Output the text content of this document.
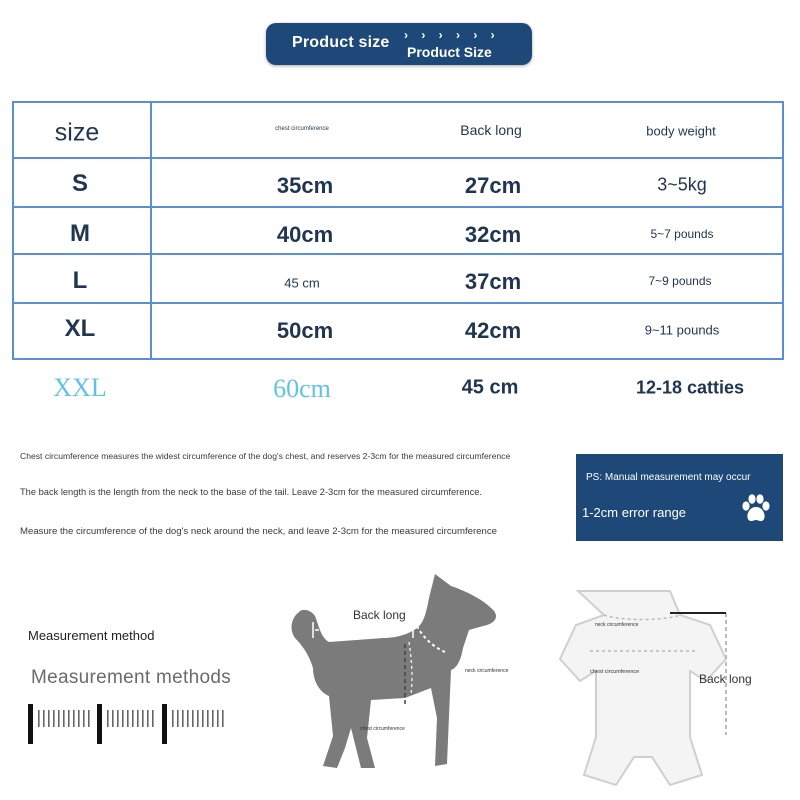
Product size › › › › › ›
Product Size
size	chest circumference	Back long	body weight
S	35cm	27cm	3~5kg
M	40cm	32cm	5~7 pounds
L	45 cm	37cm	7~9 pounds
XL	50cm	42cm	9~11 pounds
XXL	60cm	45 cm	12-18 catties
Chest circumference measures the widest circumference of the dog's chest, and reserves 2-3cm for the measured circumference
The back length is the length from the neck to the base of the tail. Leave 2-3cm for the measured circumference.
Measure the circumference of the dog's neck around the neck, and leave 2-3cm for the measured circumference
PS: Manual measurement may occur
1-2cm error range
Measurement method
Measurement methods
Back long
neck circumference
chest circumference
neck circumference
chest circumference	Back long
